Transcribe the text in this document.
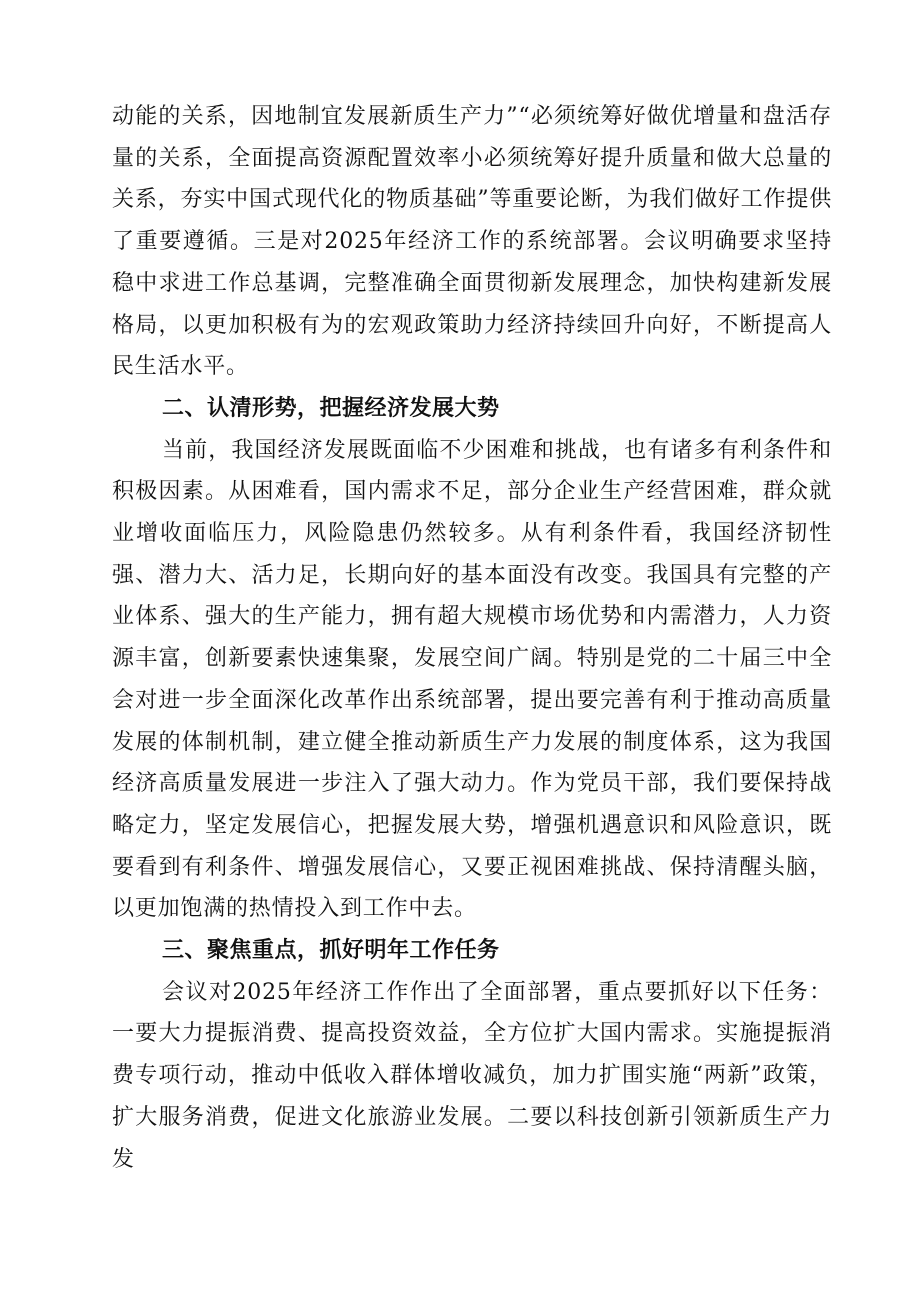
动能的关系，因地制宜发展新质生产力”“必须统筹好做优增量和盘活存量的关系，全面提高资源配置效率小必须统筹好提升质量和做大总量的关系，夯实中国式现代化的物质基础”等重要论断，为我们做好工作提供了重要遵循。三是对2025年经济工作的系统部署。会议明确要求坚持稳中求进工作总基调，完整准确全面贯彻新发展理念，加快构建新发展格局，以更加积极有为的宏观政策助力经济持续回升向好，不断提高人民生活水平。

二、认清形势，把握经济发展大势

当前，我国经济发展既面临不少困难和挑战，也有诸多有利条件和积极因素。从困难看，国内需求不足，部分企业生产经营困难，群众就业增收面临压力，风险隐患仍然较多。从有利条件看，我国经济韧性强、潜力大、活力足，长期向好的基本面没有改变。我国具有完整的产业体系、强大的生产能力，拥有超大规模市场优势和内需潜力，人力资源丰富，创新要素快速集聚，发展空间广阔。特别是党的二十届三中全会对进一步全面深化改革作出系统部署，提出要完善有利于推动高质量发展的体制机制，建立健全推动新质生产力发展的制度体系，这为我国经济高质量发展进一步注入了强大动力。作为党员干部，我们要保持战略定力，坚定发展信心，把握发展大势，增强机遇意识和风险意识，既要看到有利条件、增强发展信心，又要正视困难挑战、保持清醒头脑，以更加饱满的热情投入到工作中去。

三、聚焦重点，抓好明年工作任务

会议对2025年经济工作作出了全面部署，重点要抓好以下任务：一要大力提振消费、提高投资效益，全方位扩大国内需求。实施提振消费专项行动，推动中低收入群体增收减负，加力扩围实施“两新”政策，扩大服务消费，促进文化旅游业发展。二要以科技创新引领新质生产力发
